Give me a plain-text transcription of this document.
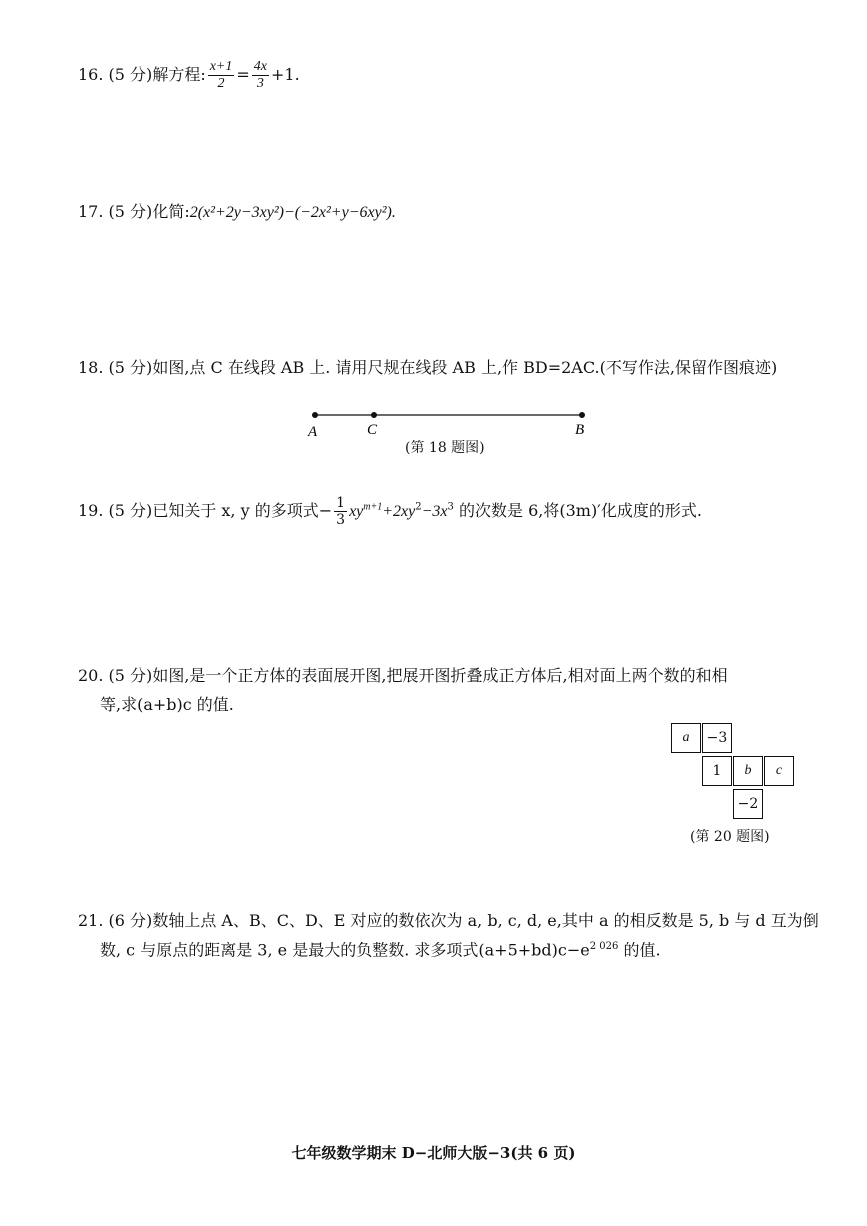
16. (5 分)解方程: $\frac{x+1}{2} = \frac{4x}{3} +1$.
17. (5 分)化简:2(x²+2y−3xy²)−(−2x²+y−6xy²).
18. (5 分)如图,点 C 在线段 AB 上. 请用尺规在线段 AB 上,作 BD=2AC.(不写作法,保留作图痕迹)
A	C	B
(第 18 题图)
19. (5 分)已知关于 x, y 的多项式− $\frac{1}{3} xy^{m+1}+2xy^2-3x^3$ 的次数是 6,将(3m)′化成度的形式.
20. (5 分)如图,是一个正方体的表面展开图,把展开图折叠成正方体后,相对面上两个数的和相
等,求(a+b)c 的值.
a	−3
1	b	c
−2
(第 20 题图)
21. (6 分)数轴上点 A、B、C、D、E 对应的数依次为 a, b, c, d, e,其中 a 的相反数是 5, b 与 d 互为倒
数, c 与原点的距离是 3, e 是最大的负整数. 求多项式$(a+5+bd)c-e^{2 026}$ 的值.
七年级数学期末 D−北师大版−3(共 6 页)
